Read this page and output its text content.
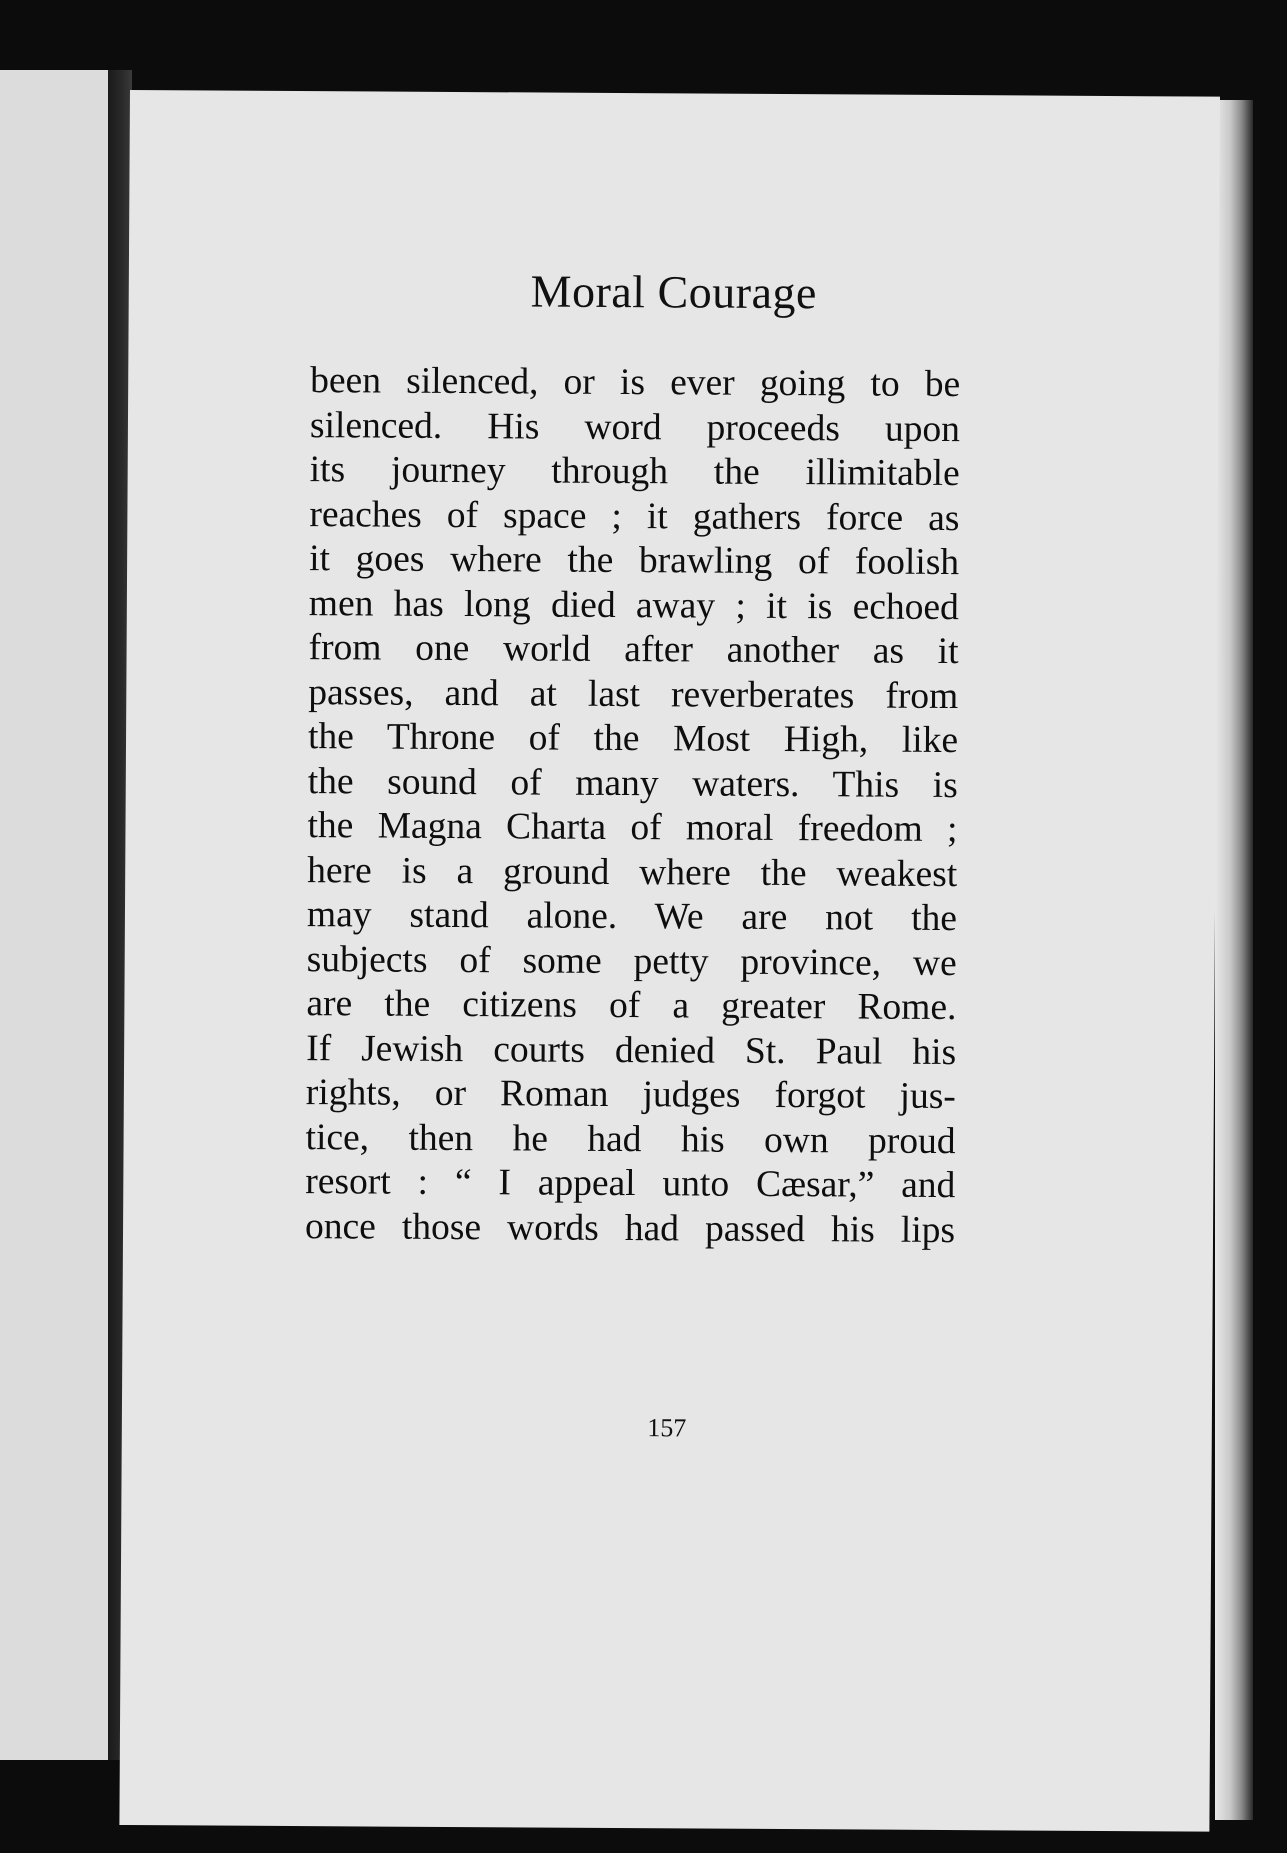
Moral Courage
been silenced, or is ever going to be
silenced. His word proceeds upon
its journey through the illimitable
reaches of space ; it gathers force as
it goes where the brawling of foolish
men has long died away ; it is echoed
from one world after another as it
passes, and at last reverberates from
the Throne of the Most High, like
the sound of many waters. This is
the Magna Charta of moral freedom ;
here is a ground where the weakest
may stand alone. We are not the
subjects of some petty province, we
are the citizens of a greater Rome.
If Jewish courts denied St. Paul his
rights, or Roman judges forgot jus-
tice, then he had his own proud
resort : “ I appeal unto Cæsar,” and
once those words had passed his lips
157
